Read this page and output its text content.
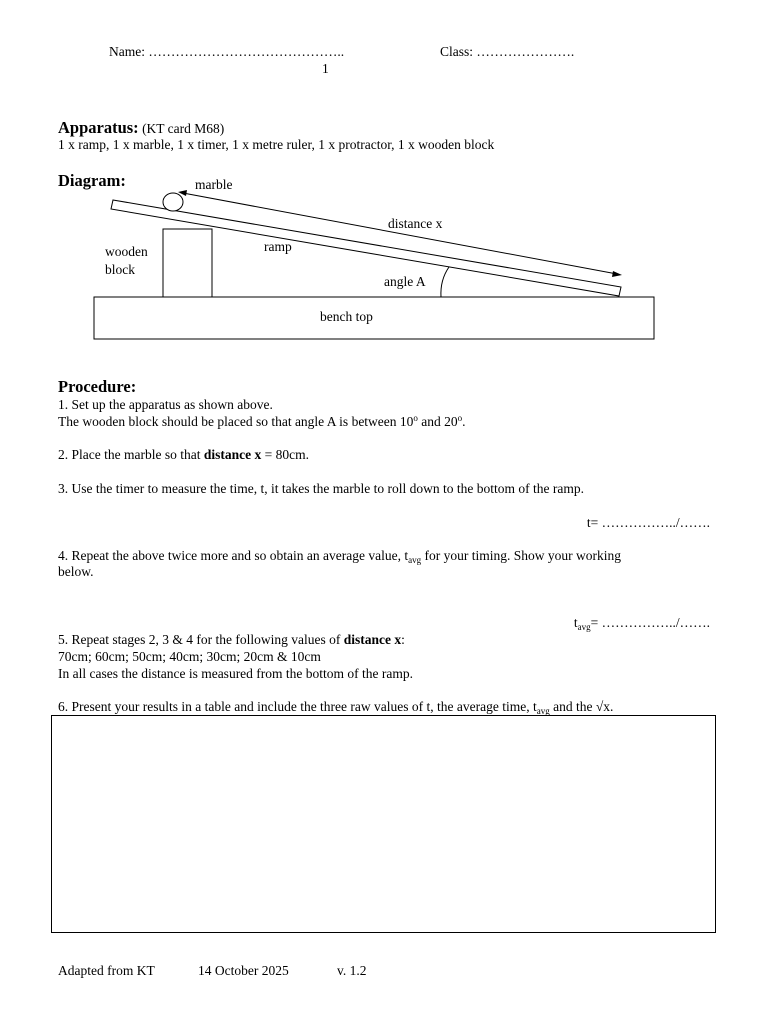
Name: ……………………………………..	Class: ………………….
1
Apparatus: (KT card M68)
1 x ramp, 1 x marble, 1 x timer, 1 x metre ruler, 1 x protractor, 1 x wooden block
Diagram:	marble
distance x
ramp
wooden
block
angle A
bench top
Procedure:
1. Set up the apparatus as shown above.
The wooden block should be placed so that angle A is between 10$^o$ and 20$^o$.
2. Place the marble so that distance x = 80cm.
3. Use the timer to measure the time, t, it takes the marble to roll down to the bottom of the ramp.
t= ……………../…….
4. Repeat the above twice more and so obtain an average value, $t_{avg}$ for your timing. Show your working
below.
$t_{avg}=$ ……………../…….
5. Repeat stages 2, 3 & 4 for the following values of distance x:
70cm; 60cm; 50cm; 40cm; 30cm; 20cm & 10cm
In all cases the distance is measured from the bottom of the ramp.
6. Present your results in a table and include the three raw values of t, the average time, $t_{avg}$ and the √x.
Adapted from KT	14 October 2025	v. 1.2
